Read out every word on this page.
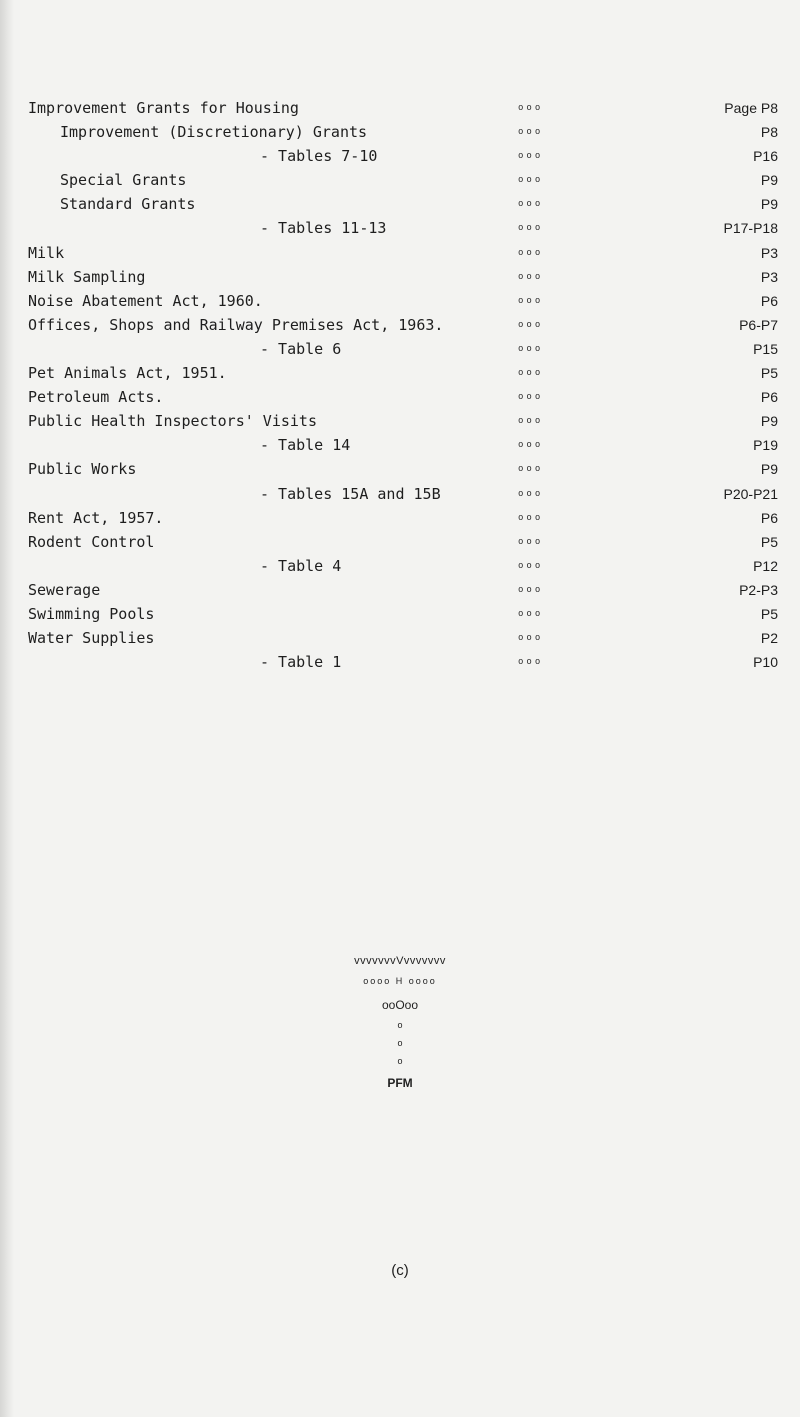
Improvement Grants for Housing	ooo	Page P8
Improvement (Discretionary) Grants	ooo	P8
- Tables 7-10	ooo	P16
Special Grants	ooo	P9
Standard Grants	ooo	P9
- Tables 11-13	ooo	P17-P18
Milk	ooo	P3
Milk Sampling	ooo	P3
Noise Abatement Act, 1960.	ooo	P6
Offices, Shops and Railway Premises Act, 1963.	ooo	P6-P7
- Table 6	ooo	P15
Pet Animals Act, 1951.	ooo	P5
Petroleum Acts.	ooo	P6
Public Health Inspectors' Visits	ooo	P9
- Table 14	ooo	P19
Public Works	ooo	P9
- Tables 15A and 15B	ooo	P20-P21
Rent Act, 1957.	ooo	P6
Rodent Control	ooo	P5
- Table 4	ooo	P12
Sewerage	ooo	P2-P3
Swimming Pools	ooo	P5
Water Supplies	ooo	P2
- Table 1	ooo	P10
vvvvvvvVvvvvvvv
oooo H oooo
ooOoo
o
o
o
PFM
(c)
